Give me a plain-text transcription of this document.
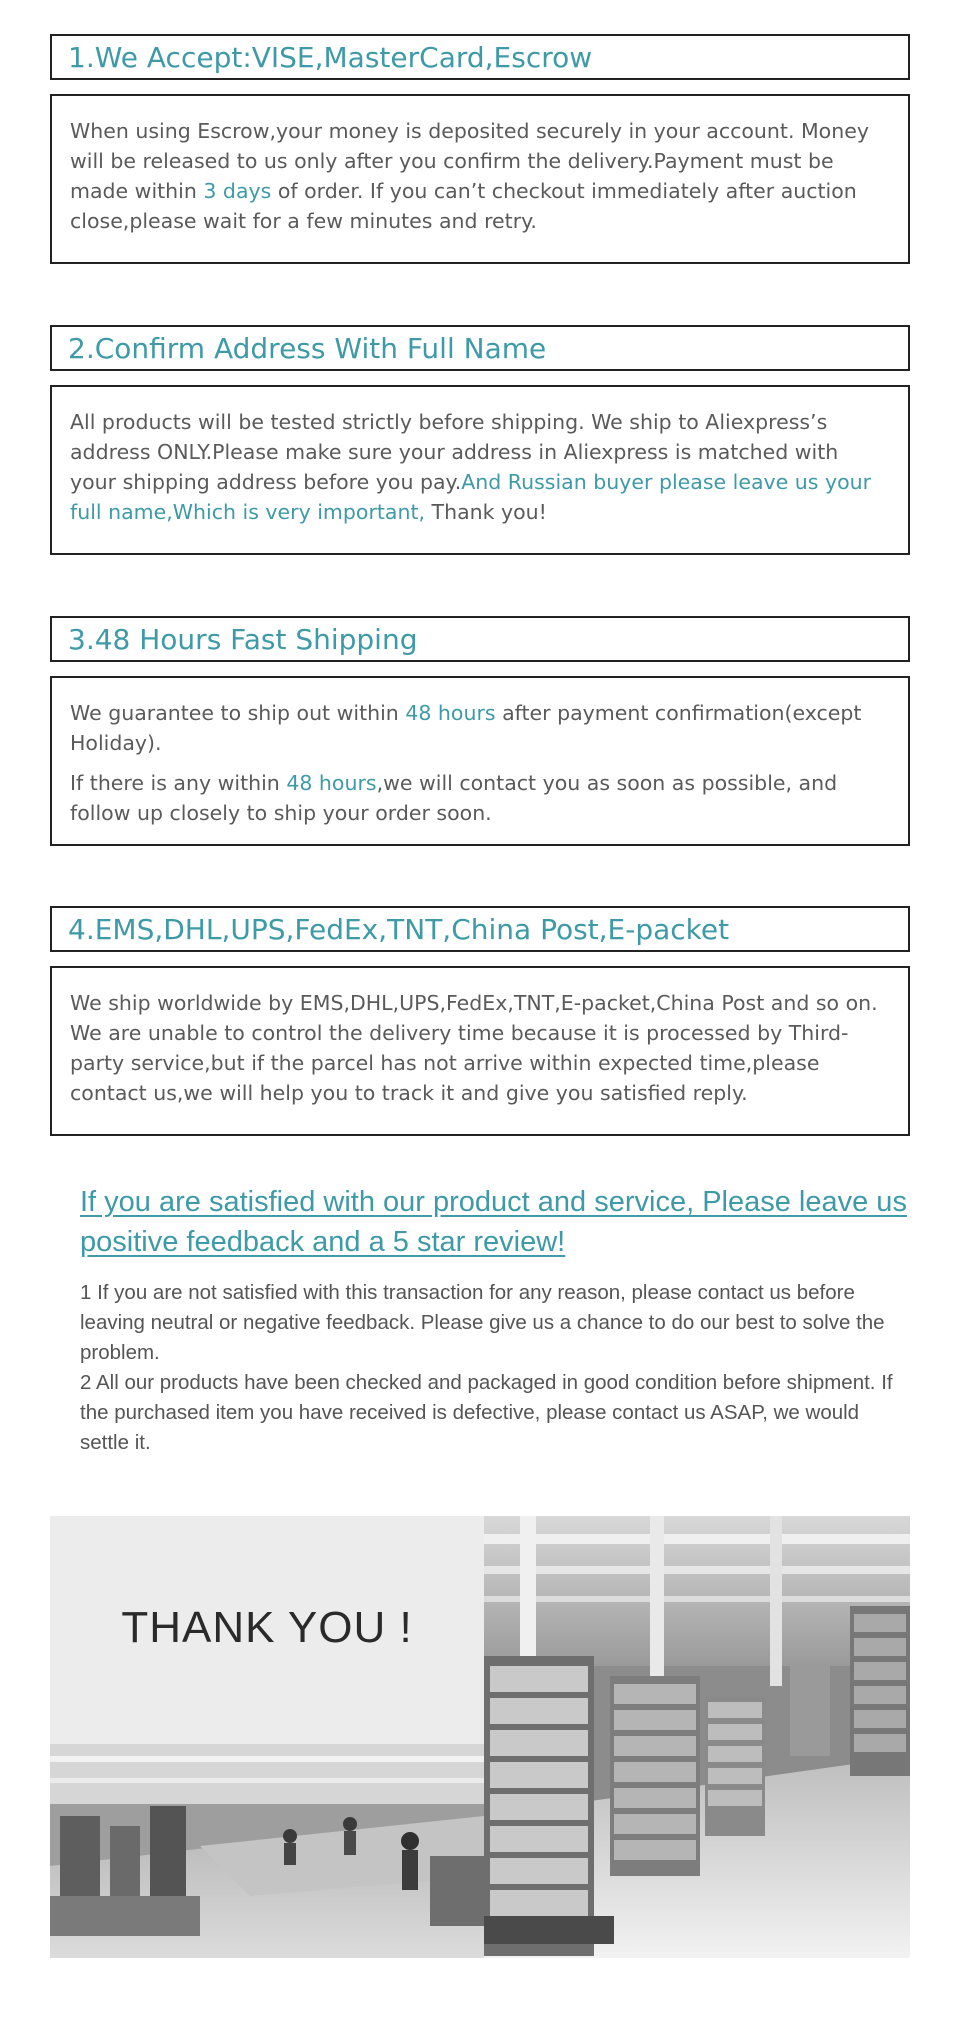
1.We Accept:VISE,MasterCard,Escrow

When using Escrow,your money is deposited securely in your account. Money will be released to us only after you confirm the delivery.Payment must be made within 3 days of order. If you can’t checkout immediately after auction close,please wait for a few minutes and retry.

2.Confirm Address With Full Name

All products will be tested strictly before shipping. We ship to Aliexpress’s address ONLY.Please make sure your address in Aliexpress is matched with your shipping address before you pay.And Russian buyer please leave us your full name,Which is very important, Thank you!

3.48 Hours Fast Shipping

We guarantee to ship out within 48 hours after payment confirmation(except Holiday).

If there is any within 48 hours,we will contact you as soon as possible, and follow up closely to ship your order soon.

4.EMS,DHL,UPS,FedEx,TNT,China Post,E-packet

We ship worldwide by EMS,DHL,UPS,FedEx,TNT,E-packet,China Post and so on. We are unable to control the delivery time because it is processed by Third-party service,but if the parcel has not arrive within expected time,please contact us,we will help you to track it and give you satisfied reply.

If you are satisfied with our product and service, Please leave us positive feedback and a 5 star review!

1 If you are not satisfied with this transaction for any reason, please contact us before leaving neutral or negative feedback. Please give us a chance to do our best to solve the problem.

2 All our products have been checked and packaged in good condition before shipment. If the purchased item you have received is defective, please contact us ASAP, we would settle it.

THANK YOU !
